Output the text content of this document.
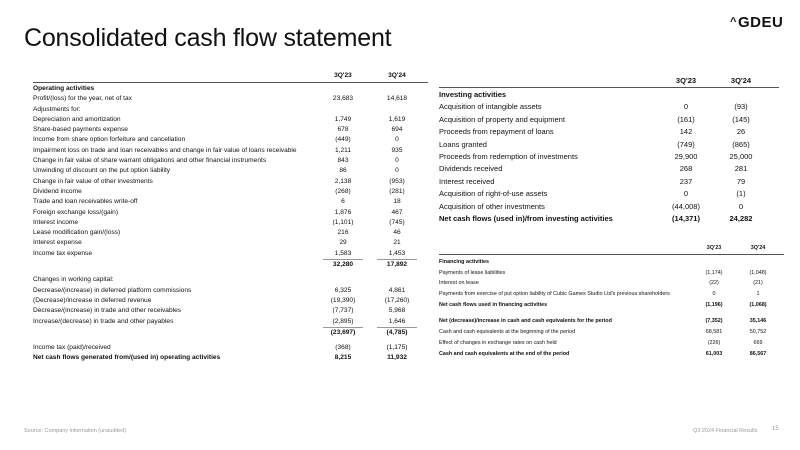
Consolidated cash flow statement
^GDEU
3Q'23	3Q'24
Operating activities
Profit/(loss) for the year, net of tax	23,683	14,618
Adjustments for:
Depreciation and amortization	1,749	1,619
Share-based payments expense	678	694
Income from share option forfeiture and cancellation	(449)	0
Impairment loss on trade and loan receivables and change in fair value of loans receivable	1,211	935
Change in fair value of share warrant obligations and other financial instruments	843	0
Unwinding of discount on the put option liability	86	0
Change in fair value of other investments	2,138	(953)
Dividend income	(268)	(281)
Trade and loan receivables write-off	6	18
Foreign exchange loss/(gain)	1,876	467
Interest income	(1,101)	(745)
Lease modification gain/(loss)	216	46
Interest expense	29	21
Income tax expense	1,583	1,453
32,280	17,892
Changes in working capital:
Decrease/(increase) in deferred platform commissions	6,325	4,861
(Decrease)/increase in deferred revenue	(19,390)	(17,260)
Decrease/(increase) in trade and other receivables	(7,737)	5,968
Increase/(decrease) in trade and other payables	(2,895)	1,646
(23,697)	(4,785)
Income tax (paid)/received	(368)	(1,175)
Net cash flows generated from/(used in) operating activities	8,215	11,932
3Q'23	3Q'24
Investing activities
Acquisition of intangible assets	0	(93)
Acquisition of property and equipment	(161)	(145)
Proceeds from repayment of loans	142	26
Loans granted	(749)	(865)
Proceeds from redemption of investments	29,900	25,000
Dividends received	268	281
Interest received	237	79
Acquisition of right-of-use assets	0	(1)
Acquisition of other investments	(44,008)	0
Net cash flows (used in)/from investing activities	(14,371)	24,282
3Q'23	3Q'24
Financing activities
Payments of lease liabilities	(1,174)	(1,048)
Interest on lease	(22)	(21)
Payments from exercise of put option liability of Cubic Games Studio Ltd's previous shareholders	0	1
Net cash flows used in financing activities	(1,196)	(1,068)
Net (decrease)/increase in cash and cash equivalents for the period	(7,352)	35,146
Cash and cash equivalents at the beginning of the period	68,581	50,752
Effect of changes in exchange rates on cash held	(226)	669
Cash and cash equivalents at the end of the period	61,003	86,567
Source: Company information (unaudited)	Q3 2024 Financial Results 15
